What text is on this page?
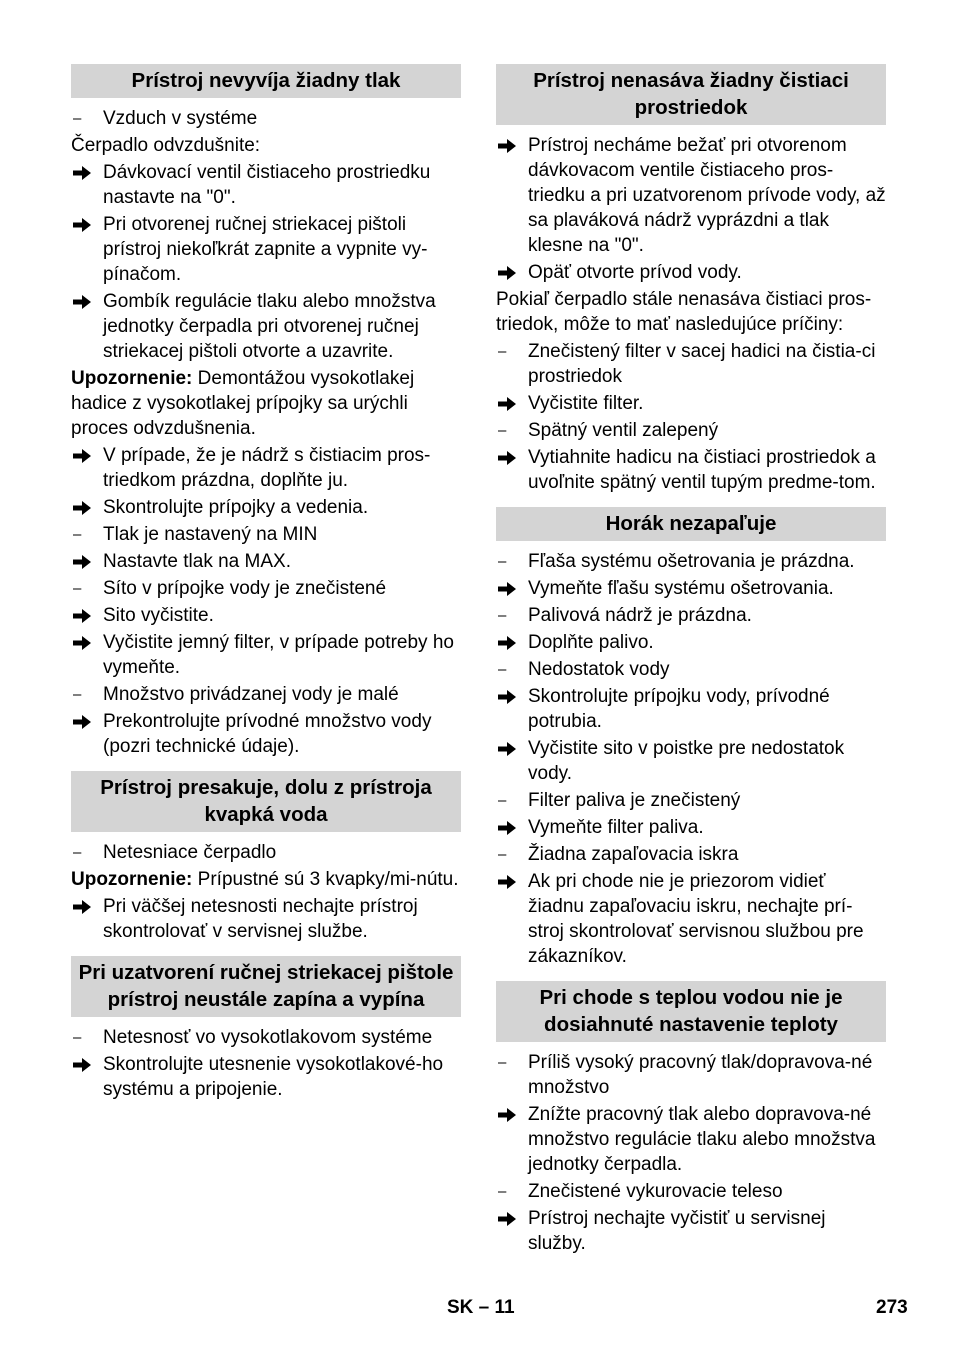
Prístroj nevyvíja žiadny tlak
–	Vzduch v systéme
Čerpadlo odvzdušnite:
Dávkovací ventil čistiaceho prostriedku nastavte na "0".
Pri otvorenej ručnej striekacej pištoli prístroj niekoľkrát zapnite a vypnite vy-pínačom.
Gombík regulácie tlaku alebo množstva jednotky čerpadla pri otvorenej ručnej striekacej pištoli otvorte a uzavrite.
Upozornenie: Demontážou vysokotlakej hadice z vysokotlakej prípojky sa urýchli proces odvzdušnenia.
V prípade, že je nádrž s čistiacim pros-triedkom prázdna, doplňte ju.
Skontrolujte prípojky a vedenia.
–	Tlak je nastavený na MIN
Nastavte tlak na MAX.
–	Síto v prípojke vody je znečistené
Sito vyčistite.
Vyčistite jemný filter, v prípade potreby ho vymeňte.
–	Množstvo privádzanej vody je malé
Prekontrolujte prívodné množstvo vody (pozri technické údaje).
Prístroj presakuje, dolu z prístroja kvapká voda
–	Netesniace čerpadlo
Upozornenie: Prípustné sú 3 kvapky/mi-nútu.
Pri väčšej netesnosti nechajte prístroj skontrolovať v servisnej službe.
Pri uzatvorení ručnej striekacej pištole prístroj neustále zapína a vypína
–	Netesnosť vo vysokotlakovom systéme
Skontrolujte utesnenie vysokotlakové-ho systému a pripojenie.
Prístroj nenasáva žiadny čistiaci prostriedok
Prístroj necháme bežať pri otvorenom dávkovacom ventile čistiaceho pros-triedku a pri uzatvorenom prívode vody, až sa plaváková nádrž vyprázdni a tlak klesne na "0".
Opäť otvorte prívod vody.
Pokiaľ čerpadlo stále nenasáva čistiaci pros-triedok, môže to mať nasledujúce príčiny:
–	Znečistený filter v sacej hadici na čistia-ci prostriedok
Vyčistite filter.
–	Spätný ventil zalepený
Vytiahnite hadicu na čistiaci prostriedok a uvoľnite spätný ventil tupým predme-tom.
Horák nezapaľuje
–	Fľaša systému ošetrovania je prázdna.
Vymeňte fľašu systému ošetrovania.
–	Palivová nádrž je prázdna.
Doplňte palivo.
–	Nedostatok vody
Skontrolujte prípojku vody, prívodné potrubia.
Vyčistite sito v poistke pre nedostatok vody.
–	Filter paliva je znečistený
Vymeňte filter paliva.
–	Žiadna zapaľovacia iskra
Ak pri chode nie je priezorom vidieť žiadnu zapaľovaciu iskru, nechajte prí-stroj skontrolovať servisnou službou pre zákazníkov.
Pri chode s teplou vodou nie je dosiahnuté nastavenie teploty
–	Príliš vysoký pracovný tlak/dopravova-né množstvo
Znížte pracovný tlak alebo dopravova-né množstvo regulácie tlaku alebo množstva jednotky čerpadla.
–	Znečistené vykurovacie teleso
Prístroj nechajte vyčistiť u servisnej služby.
SK – 11	273
